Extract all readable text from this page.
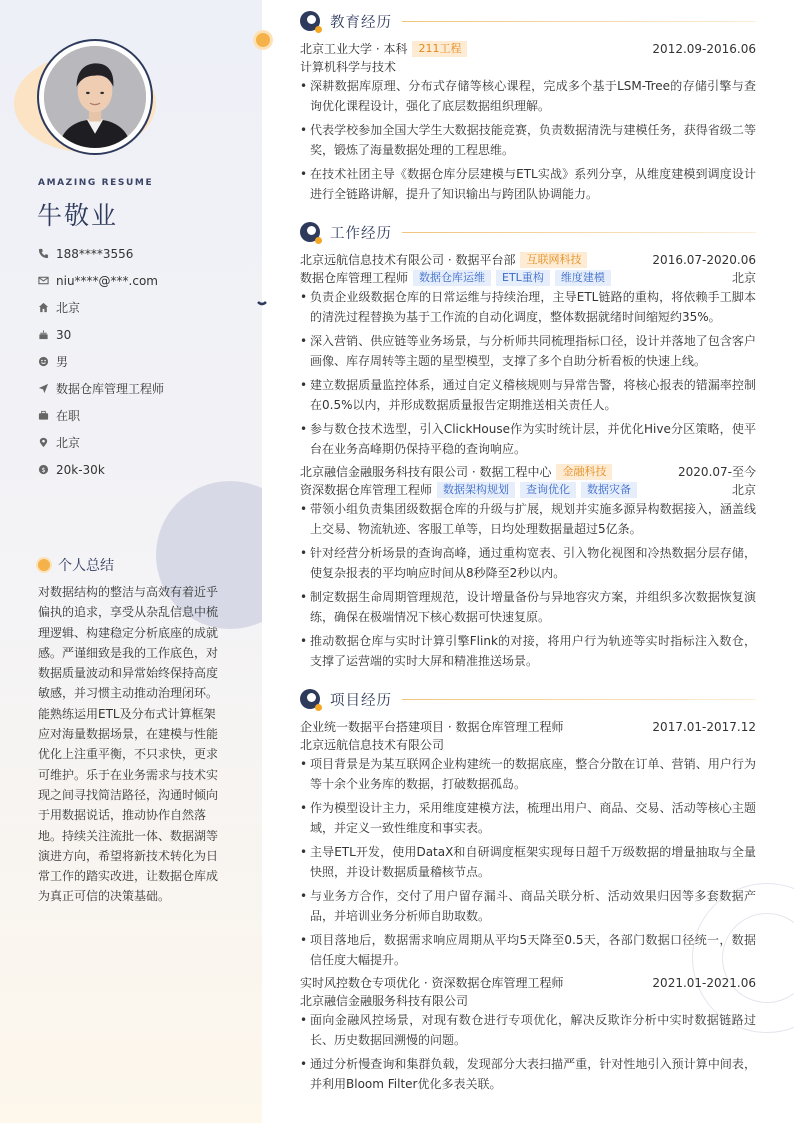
AMAZING RESUME
牛敬业
188****3556
niu****@***.com
北京
30
男
数据仓库管理工程师
在职
北京
$ 20k-30k
个人总结
对数据结构的整洁与高效有着近乎偏执的追求，享受从杂乱信息中梳理逻辑、构建稳定分析底座的成就感。严谨细致是我的工作底色，对数据质量波动和异常始终保持高度敏感，并习惯主动推动治理闭环。能熟练运用ETL及分布式计算框架应对海量数据场景，在建模与性能优化上注重平衡，不只求快，更求可维护。乐于在业务需求与技术实现之间寻找简洁路径，沟通时倾向于用数据说话，推动协作自然落地。持续关注流批一体、数据湖等演进方向，希望将新技术转化为日常工作的踏实改进，让数据仓库成为真正可信的决策基础。
教育经历
北京工业大学 · 本科	211工程	2012.09-2016.06
计算机科学与技术
• 深耕数据库原理、分布式存储等核心课程，完成多个基于LSM-Tree的存储引擎与查询优化课程设计，强化了底层数据组织理解。
• 代表学校参加全国大学生大数据技能竞赛，负责数据清洗与建模任务，获得省级二等奖，锻炼了海量数据处理的工程思维。
• 在技术社团主导《数据仓库分层建模与ETL实战》系列分享，从维度建模到调度设计进行全链路讲解，提升了知识输出与跨团队协调能力。
工作经历
北京远航信息技术有限公司 · 数据平台部	互联网科技	2016.07-2020.06
数据仓库管理工程师	数据仓库运维	ETL重构	维度建模	北京
• 负责企业级数据仓库的日常运维与持续治理，主导ETL链路的重构，将依赖手工脚本的清洗过程替换为基于工作流的自动化调度，整体数据就绪时间缩短约35%。
• 深入营销、供应链等业务场景，与分析师共同梳理指标口径，设计并落地了包含客户画像、库存周转等主题的星型模型，支撑了多个自助分析看板的快速上线。
• 建立数据质量监控体系，通过自定义稽核规则与异常告警，将核心报表的错漏率控制在0.5%以内，并形成数据质量报告定期推送相关责任人。
• 参与数仓技术选型，引入ClickHouse作为实时统计层，并优化Hive分区策略，使平台在业务高峰期仍保持平稳的查询响应。
北京融信金融服务科技有限公司 · 数据工程中心	金融科技	2020.07-至今
资深数据仓库管理工程师	数据架构规划	查询优化	数据灾备	北京
• 带领小组负责集团级数据仓库的升级与扩展，规划并实施多源异构数据接入，涵盖线上交易、物流轨迹、客服工单等，日均处理数据量超过5亿条。
• 针对经营分析场景的查询高峰，通过重构宽表、引入物化视图和冷热数据分层存储，使复杂报表的平均响应时间从8秒降至2秒以内。
• 制定数据生命周期管理规范，设计增量备份与异地容灾方案，并组织多次数据恢复演练，确保在极端情况下核心数据可快速复原。
• 推动数据仓库与实时计算引擎Flink的对接，将用户行为轨迹等实时指标注入数仓，支撑了运营端的实时大屏和精准推送场景。
项目经历
企业统一数据平台搭建项目 · 数据仓库管理工程师	2017.01-2017.12
北京远航信息技术有限公司
• 项目背景是为某互联网企业构建统一的数据底座，整合分散在订单、营销、用户行为等十余个业务库的数据，打破数据孤岛。
• 作为模型设计主力，采用维度建模方法，梳理出用户、商品、交易、活动等核心主题域，并定义一致性维度和事实表。
• 主导ETL开发，使用DataX和自研调度框架实现每日超千万级数据的增量抽取与全量快照，并设计数据质量稽核节点。
• 与业务方合作，交付了用户留存漏斗、商品关联分析、活动效果归因等多套数据产品，并培训业务分析师自助取数。
• 项目落地后，数据需求响应周期从平均5天降至0.5天，各部门数据口径统一，数据信任度大幅提升。
实时风控数仓专项优化 · 资深数据仓库管理工程师	2021.01-2021.06
北京融信金融服务科技有限公司
• 面向金融风控场景，对现有数仓进行专项优化，解决反欺诈分析中实时数据链路过长、历史数据回溯慢的问题。
• 通过分析慢查询和集群负载，发现部分大表扫描严重，针对性地引入预计算中间表，并利用Bloom Filter优化多表关联。
